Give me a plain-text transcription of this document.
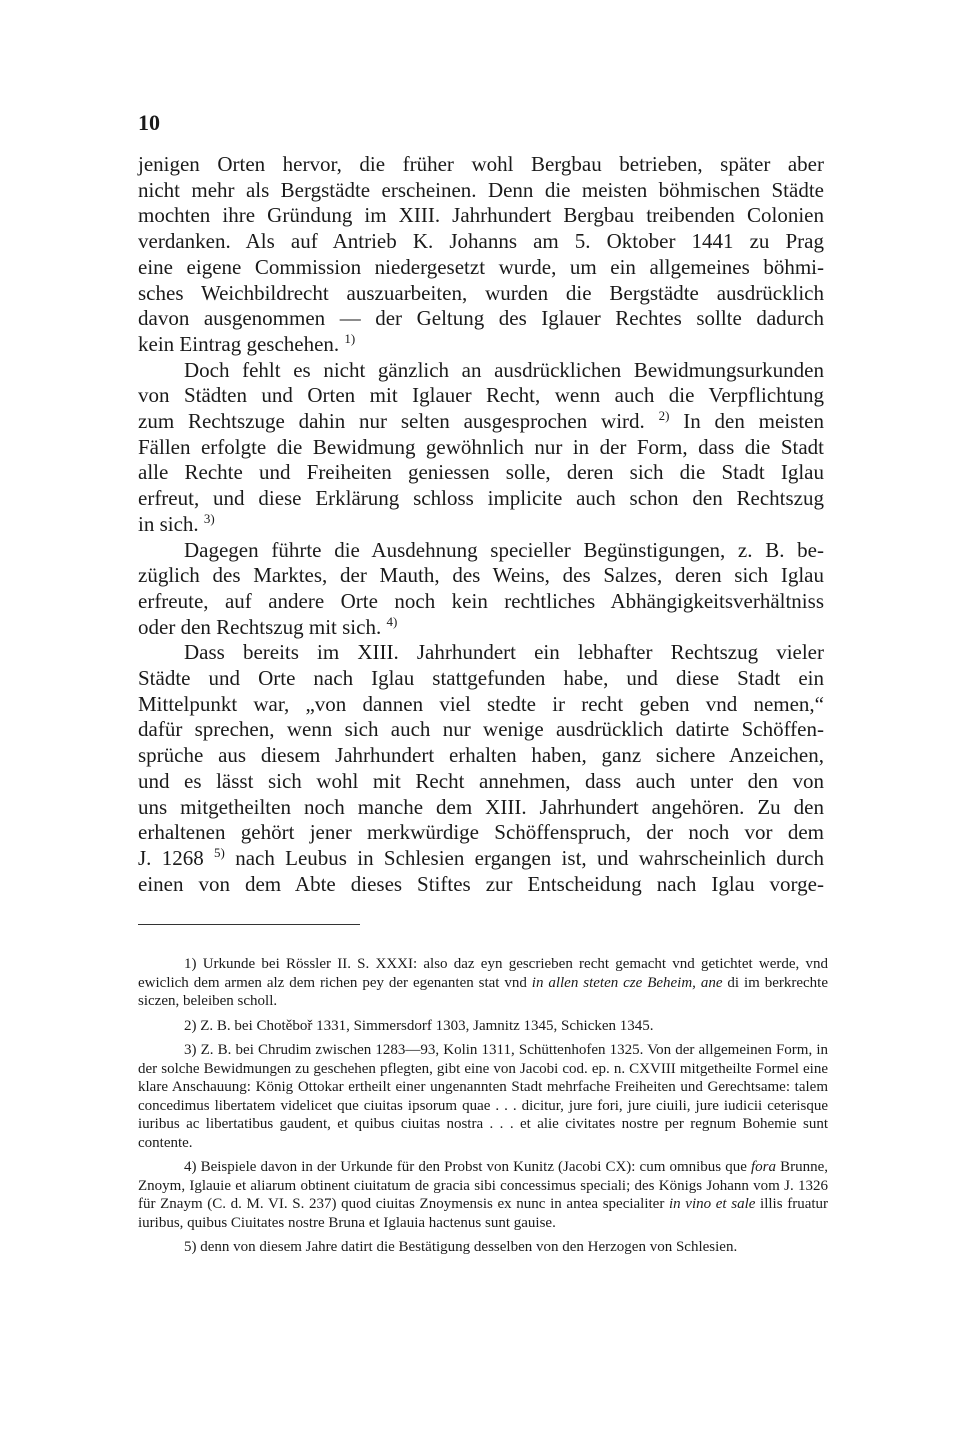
10

jenigen Orten hervor, die früher wohl Bergbau betrieben, später aber

nicht mehr als Bergstädte erscheinen. Denn die meisten böhmischen Städte

mochten ihre Gründung im XIII. Jahrhundert Bergbau treibenden Colonien

verdanken. Als auf Antrieb K. Johanns am 5. Oktober 1441 zu Prag

eine eigene Commission niedergesetzt wurde, um ein allgemeines böhmi-

sches Weichbildrecht auszuarbeiten, wurden die Bergstädte ausdrücklich

davon ausgenommen — der Geltung des Iglauer Rechtes sollte dadurch

kein Eintrag geschehen. $^{1)}$

Doch fehlt es nicht gänzlich an ausdrücklichen Bewidmungsurkunden

von Städten und Orten mit Iglauer Recht, wenn auch die Verpflichtung

zum Rechtszuge dahin nur selten ausgesprochen wird. $^{2)}$ In den meisten

Fällen erfolgte die Bewidmung gewöhnlich nur in der Form, dass die Stadt

alle Rechte und Freiheiten geniessen solle, deren sich die Stadt Iglau

erfreut, und diese Erklärung schloss implicite auch schon den Rechtszug

in sich. $^{3)}$

Dagegen führte die Ausdehnung specieller Begünstigungen, z. B. be-

züglich des Marktes, der Mauth, des Weins, des Salzes, deren sich Iglau

erfreute, auf andere Orte noch kein rechtliches Abhängigkeitsverhältniss

oder den Rechtszug mit sich. $^{4)}$

Dass bereits im XIII. Jahrhundert ein lebhafter Rechtszug vieler

Städte und Orte nach Iglau stattgefunden habe, und diese Stadt ein

Mittelpunkt war, „von dannen viel stedte ir recht geben vnd nemen,“

dafür sprechen, wenn sich auch nur wenige ausdrücklich datirte Schöffen-

sprüche aus diesem Jahrhundert erhalten haben, ganz sichere Anzeichen,

und es lässt sich wohl mit Recht annehmen, dass auch unter den von

uns mitgetheilten noch manche dem XIII. Jahrhundert angehören. Zu den

erhaltenen gehört jener merkwürdige Schöffenspruch, der noch vor dem

J. 1268 $^{5)}$ nach Leubus in Schlesien ergangen ist, und wahrscheinlich durch

einen von dem Abte dieses Stiftes zur Entscheidung nach Iglau vorge-

1) Urkunde bei Rössler II. S. XXXI: also daz eyn gescrieben recht gemacht vnd getichtet werde, vnd ewiclich dem armen alz dem richen pey der egenanten stat vnd in allen steten cze Beheim, ane di im berkrechte siczen, beleiben scholl.

2) Z. B. bei Chotěboř 1331, Simmersdorf 1303, Jamnitz 1345, Schicken 1345.

3) Z. B. bei Chrudim zwischen 1283—93, Kolin 1311, Schüttenhofen 1325. Von der allgemeinen Form, in der solche Bewidmungen zu geschehen pflegten, gibt eine von Jacobi cod. ep. n. CXVIII mitgetheilte Formel eine klare Anschauung: König Ottokar ertheilt einer ungenannten Stadt mehrfache Freiheiten und Gerechtsame: talem concedimus libertatem videlicet que ciuitas ipsorum quae . . . dicitur, jure fori, jure ciuili, jure iudicii ceterisque iuribus ac libertatibus gaudent, et quibus ciuitas nostra . . . et alie civitates nostre per regnum Bohemie sunt contente.

4) Beispiele davon in der Urkunde für den Probst von Kunitz (Jacobi CX): cum omnibus que fora Brunne, Znoym, Iglauie et aliarum obtinent ciuitatum de gracia sibi concessimus speciali; des Königs Johann vom J. 1326 für Znaym (C. d. M. VI. S. 237) quod ciuitas Znoymensis ex nunc in antea specialiter in vino et sale illis fruatur iuribus, quibus Ciuitates nostre Bruna et Iglauia hactenus sunt gauise.

5) denn von diesem Jahre datirt die Bestätigung desselben von den Herzogen von Schlesien.
